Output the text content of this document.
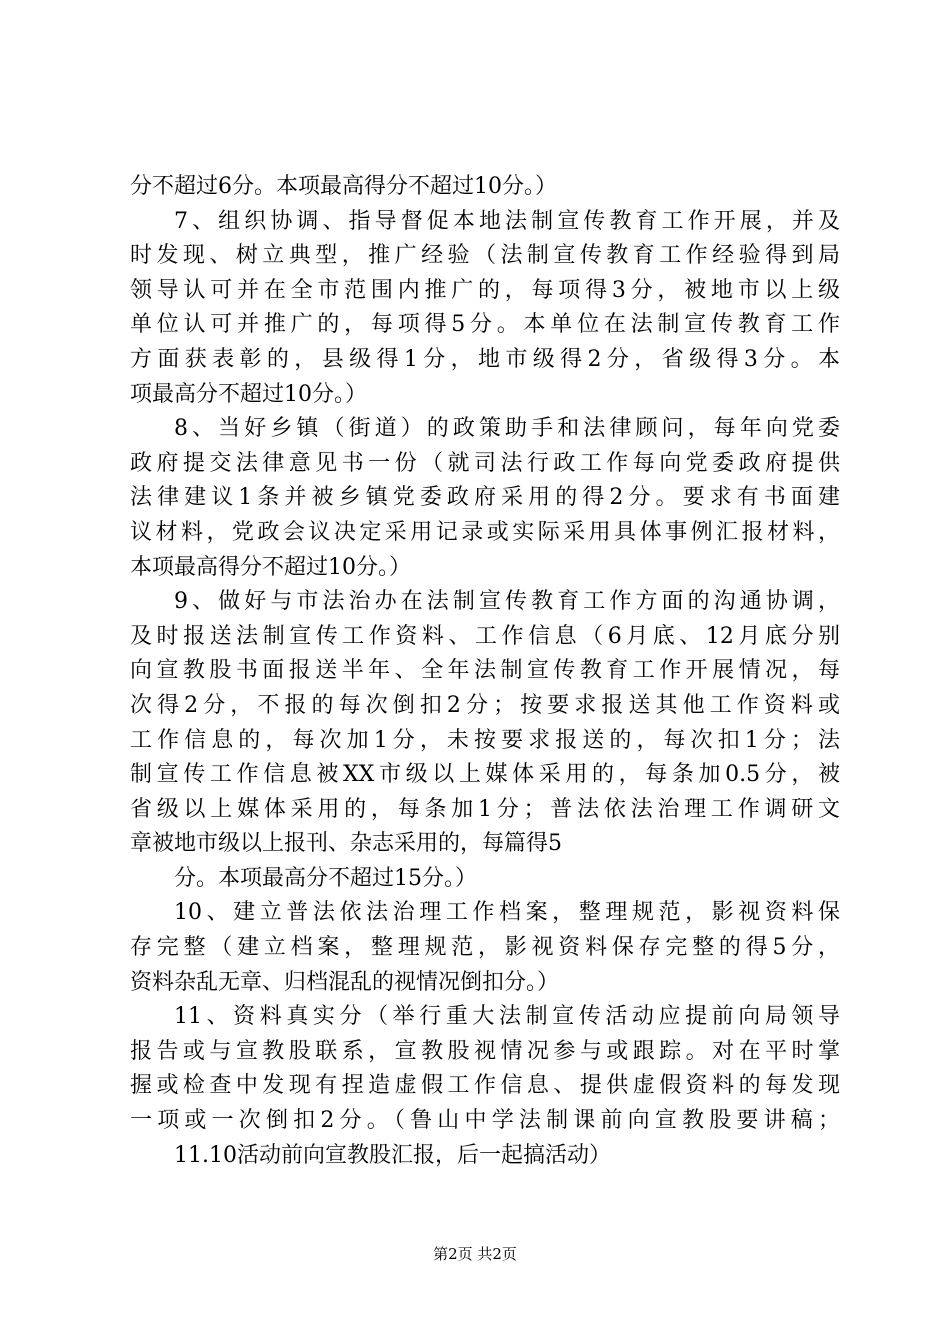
分不超过6分。本项最高得分不超过10分。）
7、组织协调、指导督促本地法制宣传教育工作开展，并及
时发现、树立典型，推广经验（法制宣传教育工作经验得到局
领导认可并在全市范围内推广的，每项得3分，被地市以上级
单位认可并推广的，每项得5分。本单位在法制宣传教育工作
方面获表彰的，县级得1分，地市级得2分，省级得3分。本
项最高分不超过10分。）
8、当好乡镇（街道）的政策助手和法律顾问，每年向党委
政府提交法律意见书一份（就司法行政工作每向党委政府提供
法律建议1条并被乡镇党委政府采用的得2分。要求有书面建
议材料，党政会议决定采用记录或实际采用具体事例汇报材料，
本项最高得分不超过10分。）
9、做好与市法治办在法制宣传教育工作方面的沟通协调，
及时报送法制宣传工作资料、工作信息（6月底、12月底分别
向宣教股书面报送半年、全年法制宣传教育工作开展情况，每
次得2分，不报的每次倒扣2分；按要求报送其他工作资料或
工作信息的，每次加1分，未按要求报送的，每次扣1分；法
制宣传工作信息被XX市级以上媒体采用的，每条加0.5分，被
省级以上媒体采用的，每条加1分；普法依法治理工作调研文
章被地市级以上报刊、杂志采用的，每篇得5
分。本项最高分不超过15分。）
10、建立普法依法治理工作档案，整理规范，影视资料保
存完整（建立档案，整理规范，影视资料保存完整的得5分，
资料杂乱无章、归档混乱的视情况倒扣分。）
11、资料真实分（举行重大法制宣传活动应提前向局领导
报告或与宣教股联系，宣教股视情况参与或跟踪。对在平时掌
握或检查中发现有捏造虚假工作信息、提供虚假资料的每发现
一项或一次倒扣2分。（鲁山中学法制课前向宣教股要讲稿；
11.10活动前向宣教股汇报，后一起搞活动）
第2页 共2页
